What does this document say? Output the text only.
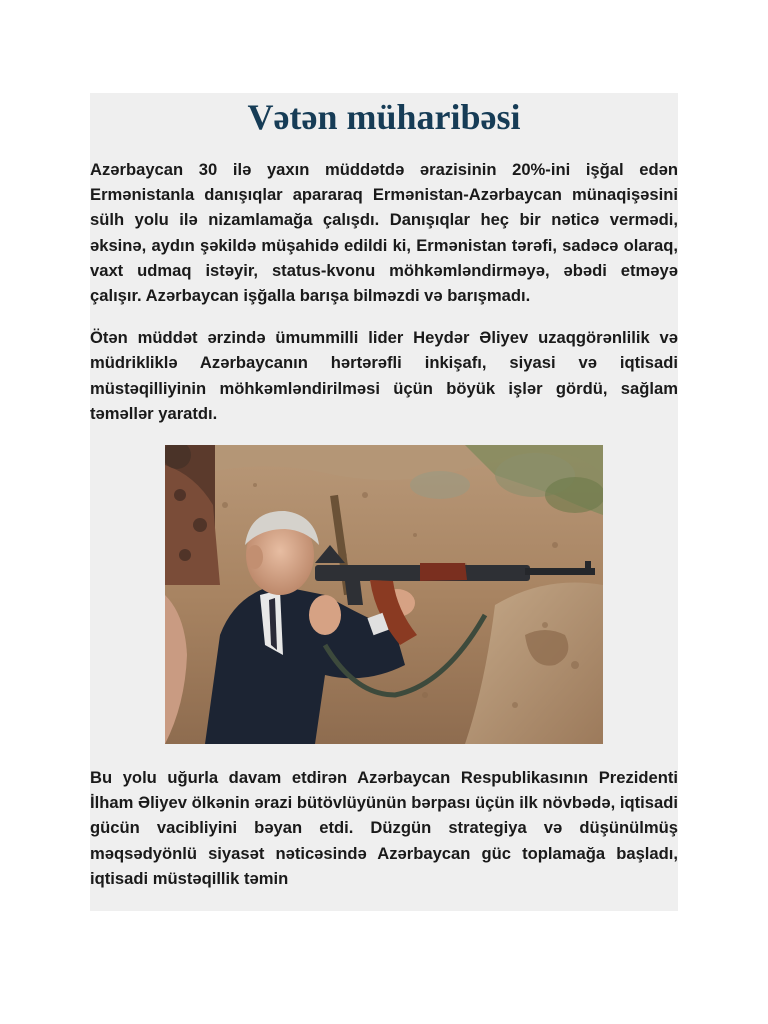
Vətən müharibəsi

Azərbaycan 30 ilə yaxın müddətdə ərazisinin 20%-ini işğal edən Ermənistanla danışıqlar apararaq Ermənistan-Azərbaycan münaqişəsini sülh yolu ilə nizamlamağa çalışdı. Danışıqlar heç bir nəticə vermədi, əksinə, aydın şəkildə müşahidə edildi ki, Ermənistan tərəfi, sadəcə olaraq, vaxt udmaq istəyir, status-kvonu möhkəmləndirməyə, əbədi etməyə çalışır. Azərbaycan işğalla barışa bilməzdi və barışmadı.

Ötən müddət ərzində ümummilli lider Heydər Əliyev uzaqgörənlilik və müdrikliklə Azərbaycanın hərtərəfli inkişafı, siyasi və iqtisadi müstəqilliyinin möhkəmləndirilməsi üçün böyük işlər gördü, sağlam təməllər yaratdı.

Bu yolu uğurla davam etdirən Azərbaycan Respublikasının Prezidenti İlham Əliyev ölkənin ərazi bütövlüyünün bərpası üçün ilk növbədə, iqtisadi gücün vacibliyini bəyan etdi. Düzgün strategiya və düşünülmüş məqsədyönlü siyasət nəticəsində Azərbaycan güc toplamağa başladı, iqtisadi müstəqillik təmin
